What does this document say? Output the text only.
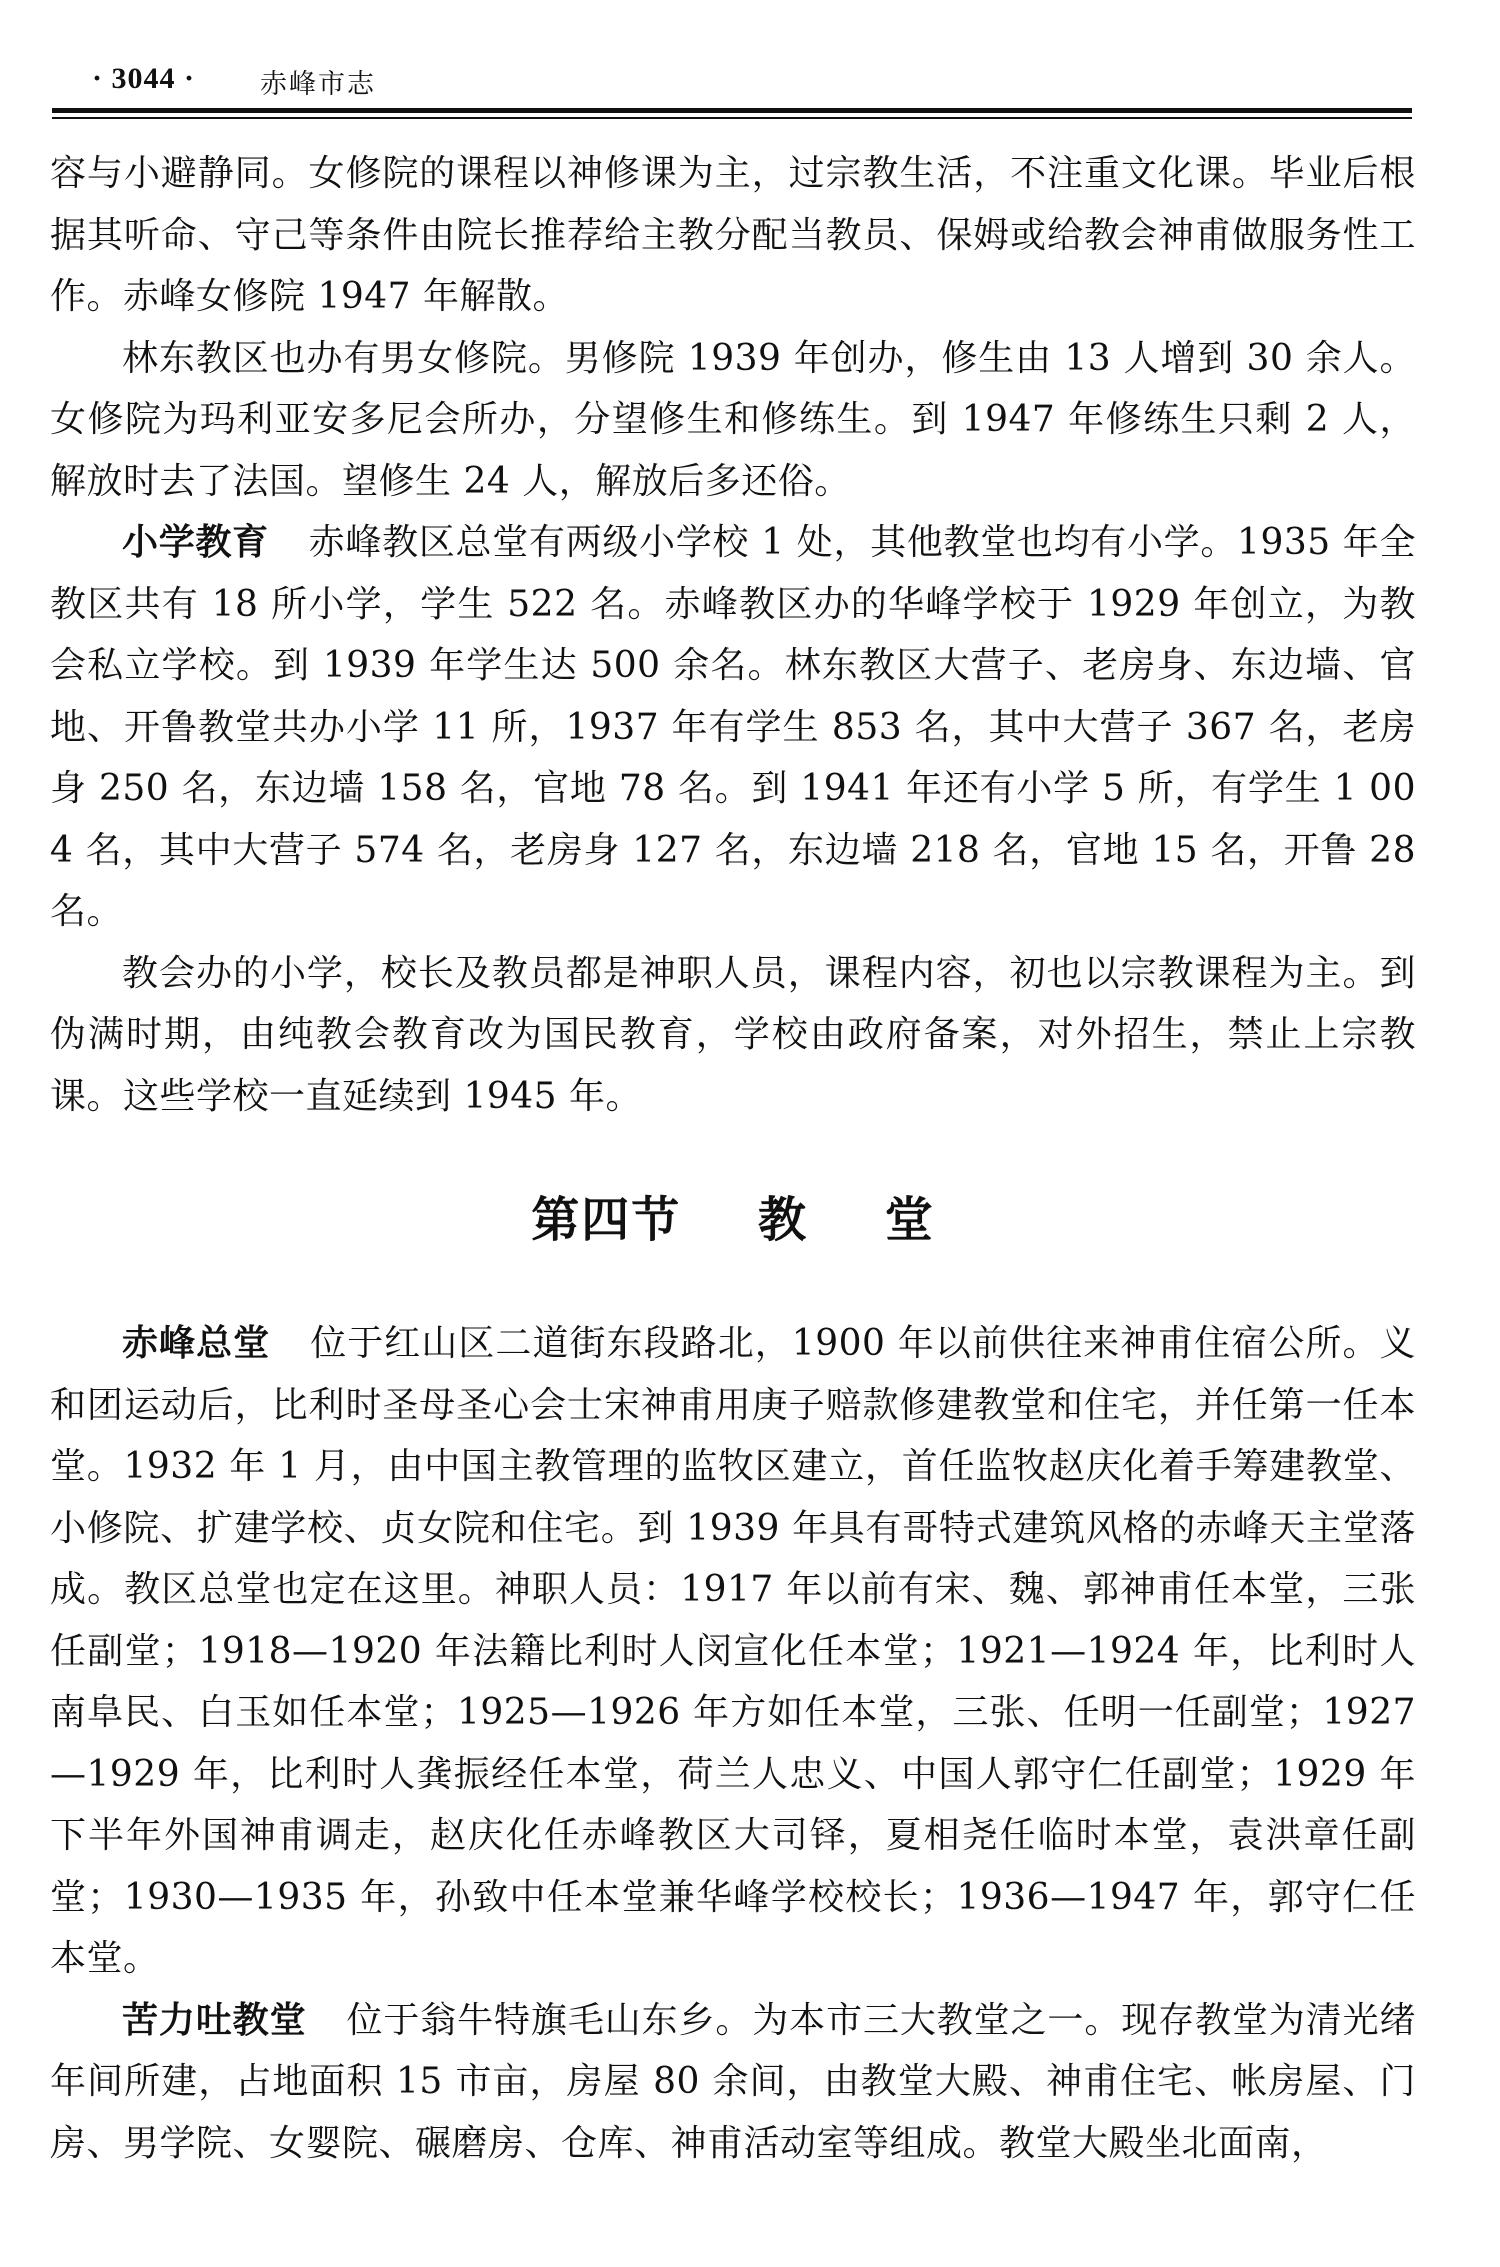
· 3044 · 赤峰市志

容与小避静同。女修院的课程以神修课为主，过宗教生活，不注重文化课。毕业后根据其听命、守己等条件由院长推荐给主教分配当教员、保姆或给教会神甫做服务性工作。赤峰女修院 1947 年解散。

林东教区也办有男女修院。男修院 1939 年创办，修生由 13 人增到 30 余人。女修院为玛利亚安多尼会所办，分望修生和修练生。到 1947 年修练生只剩 2 人，解放时去了法国。望修生 24 人，解放后多还俗。

小学教育 赤峰教区总堂有两级小学校 1 处，其他教堂也均有小学。1935 年全教区共有 18 所小学，学生 522 名。赤峰教区办的华峰学校于 1929 年创立，为教会私立学校。到 1939 年学生达 500 余名。林东教区大营子、老房身、东边墙、官地、开鲁教堂共办小学 11 所，1937 年有学生 853 名，其中大营子 367 名，老房身 250 名，东边墙 158 名，官地 78 名。到 1941 年还有小学 5 所，有学生 1 004 名，其中大营子 574 名，老房身 127 名，东边墙 218 名，官地 15 名，开鲁 28 名。

教会办的小学，校长及教员都是神职人员，课程内容，初也以宗教课程为主。到伪满时期，由纯教会教育改为国民教育，学校由政府备案，对外招生，禁止上宗教课。这些学校一直延续到 1945 年。

第四节 教 堂

赤峰总堂 位于红山区二道街东段路北，1900 年以前供往来神甫住宿公所。义和团运动后，比利时圣母圣心会士宋神甫用庚子赔款修建教堂和住宅，并任第一任本堂。1932 年 1 月，由中国主教管理的监牧区建立，首任监牧赵庆化着手筹建教堂、小修院、扩建学校、贞女院和住宅。到 1939 年具有哥特式建筑风格的赤峰天主堂落成。教区总堂也定在这里。神职人员：1917 年以前有宋、魏、郭神甫任本堂，三张任副堂；1918—1920 年法籍比利时人闵宣化任本堂；1921—1924 年，比利时人南阜民、白玉如任本堂；1925—1926 年方如任本堂，三张、任明一任副堂；1927—1929 年，比利时人龚振经任本堂，荷兰人忠义、中国人郭守仁任副堂；1929 年下半年外国神甫调走，赵庆化任赤峰教区大司铎，夏相尧任临时本堂，袁洪章任副堂；1930—1935 年，孙致中任本堂兼华峰学校校长；1936—1947 年，郭守仁任本堂。

苦力吐教堂 位于翁牛特旗毛山东乡。为本市三大教堂之一。现存教堂为清光绪年间所建，占地面积 15 市亩，房屋 80 余间，由教堂大殿、神甫住宅、帐房屋、门房、男学院、女婴院、碾磨房、仓库、神甫活动室等组成。教堂大殿坐北面南，
